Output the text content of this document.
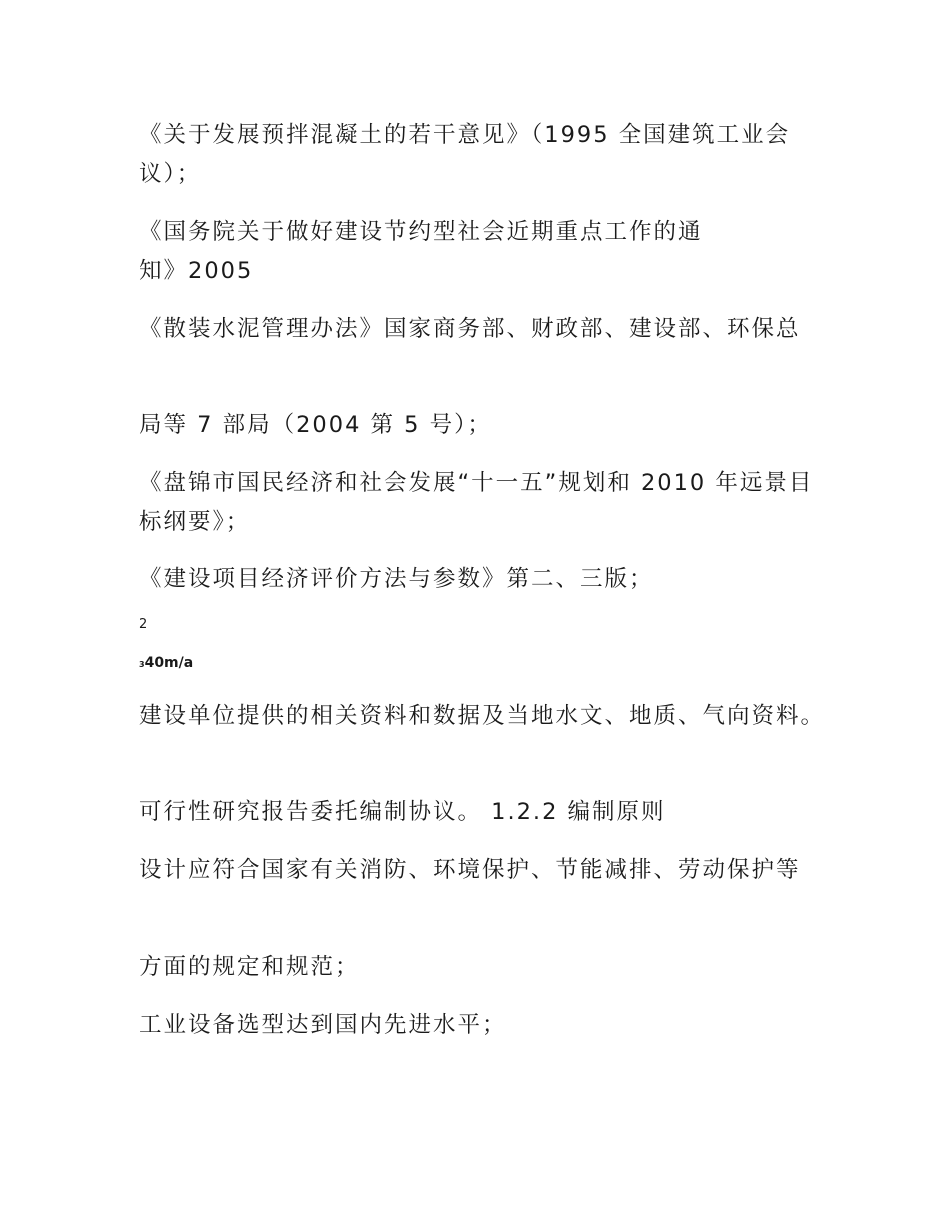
《关于发展预拌混凝土的若干意见》（1995 全国建筑工业会议）；

《国务院关于做好建设节约型社会近期重点工作的通
知》2005

《散装水泥管理办法》国家商务部、财政部、建设部、环保总

局等 7 部局（2004 第 5 号）；

《盘锦市国民经济和社会发展“十一五”规划和 2010 年远景目标纲要》；

《建设项目经济评价方法与参数》第二、三版；

2

340m/a

建设单位提供的相关资料和数据及当地水文、地质、气向资料。

可行性研究报告委托编制协议。 1.2.2 编制原则

设计应符合国家有关消防、环境保护、节能减排、劳动保护等

方面的规定和规范；

工业设备选型达到国内先进水平；
